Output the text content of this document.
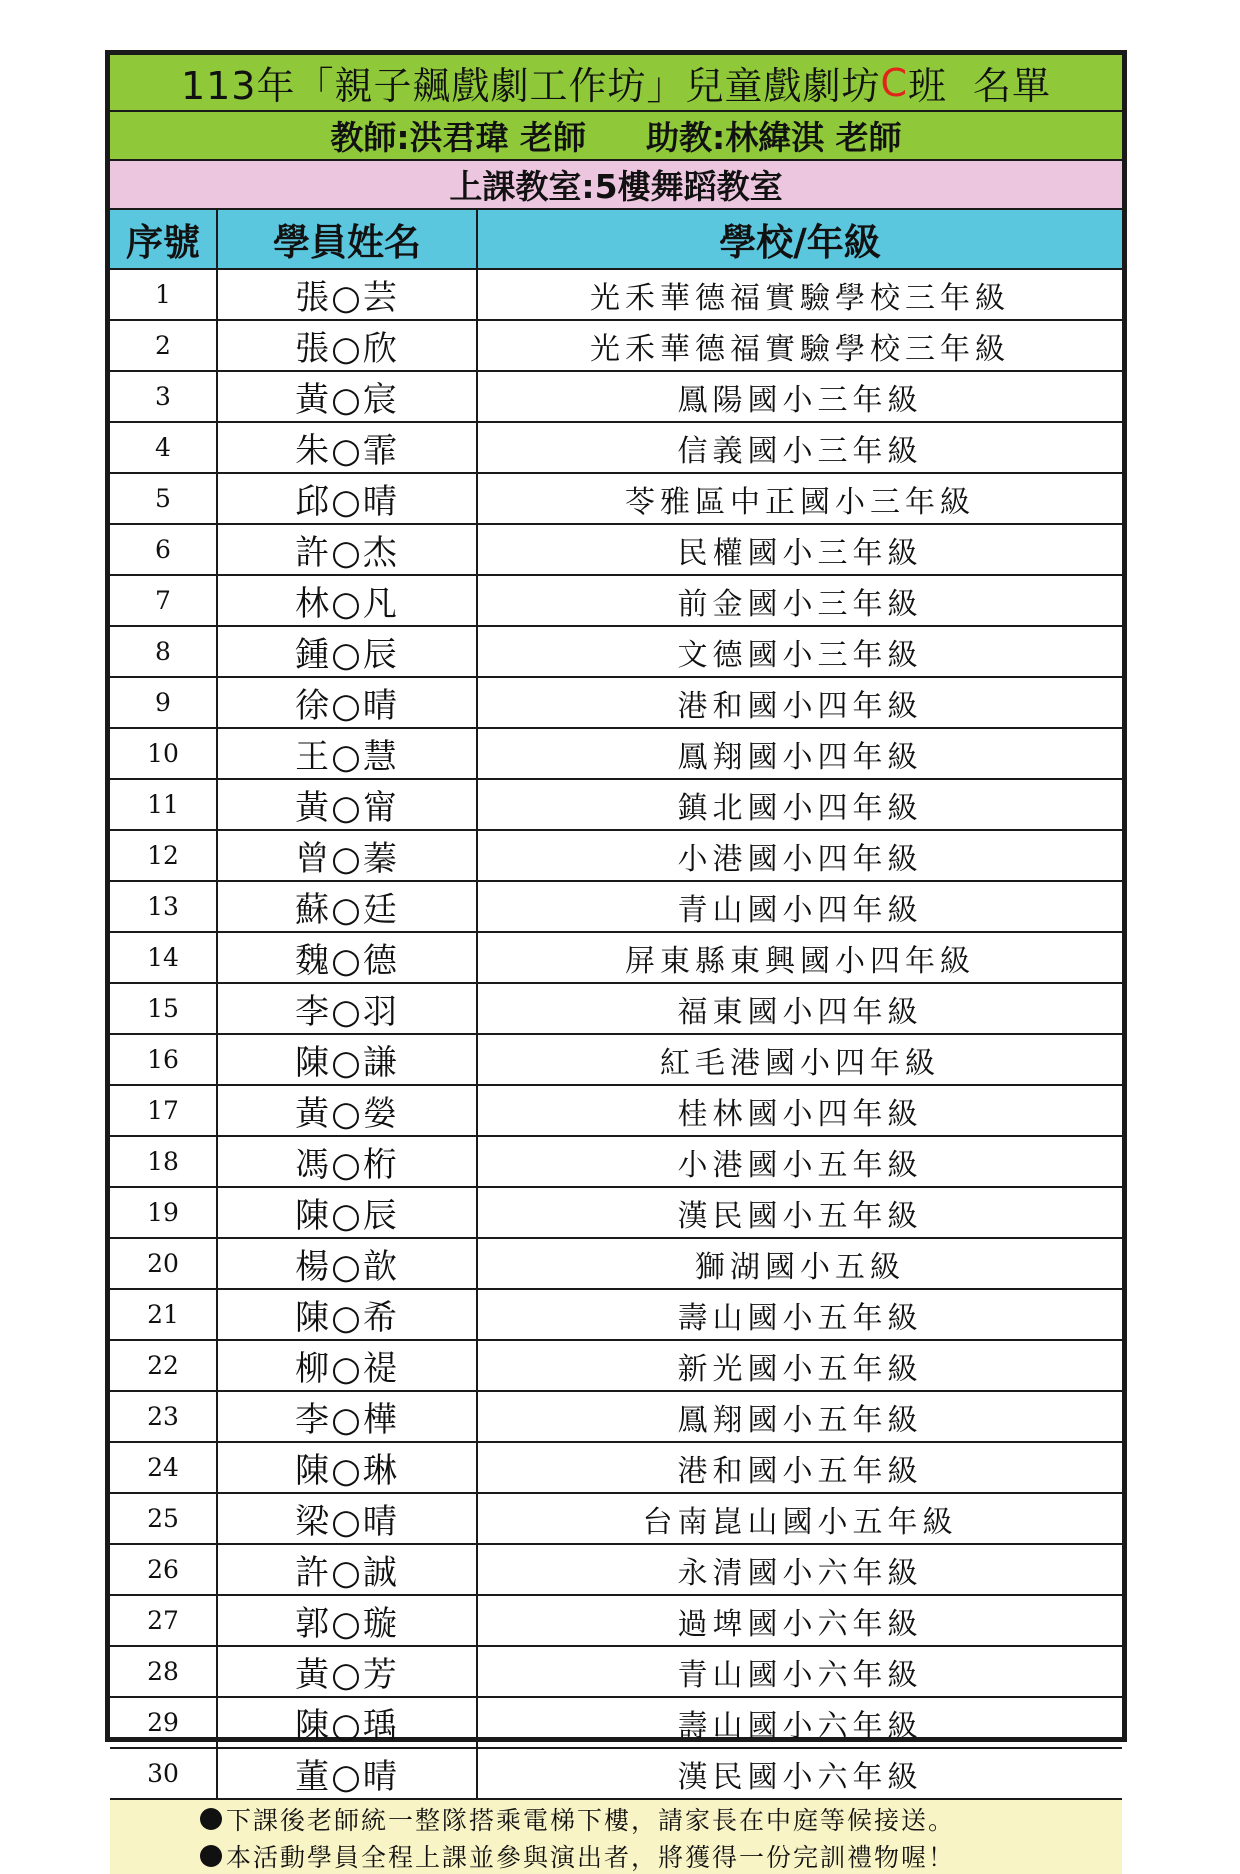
113年「親子飆戲劇工作坊」兒童戲劇坊 C 班 名單
教師:洪君瑋 老師 助教:林緯淇 老師
上課教室:5樓舞蹈教室
序號	學員姓名	學校/年級
1	張○芸	光禾華德福實驗學校三年級
2	張○欣	光禾華德福實驗學校三年級
3	黃○宸	鳳陽國小三年級
4	朱○霏	信義國小三年級
5	邱○晴	苓雅區中正國小三年級
6	許○杰	民權國小三年級
7	林○凡	前金國小三年級
8	鍾○辰	文德國小三年級
9	徐○晴	港和國小四年級
10	王○慧	鳳翔國小四年級
11	黃○甯	鎮北國小四年級
12	曾○蓁	小港國小四年級
13	蘇○廷	青山國小四年級
14	魏○德	屏東縣東興國小四年級
15	李○羽	福東國小四年級
16	陳○謙	紅毛港國小四年級
17	黃○嫈	桂林國小四年級
18	馮○桁	小港國小五年級
19	陳○辰	漢民國小五年級
20	楊○歆	獅湖國小五級
21	陳○希	壽山國小五年級
22	柳○禔	新光國小五年級
23	李○樺	鳳翔國小五年級
24	陳○琳	港和國小五年級
25	梁○晴	台南崑山國小五年級
26	許○誠	永清國小六年級
27	郭○璇	過埤國小六年級
28	黃○芳	青山國小六年級
29	陳○瑀	壽山國小六年級
30	董○晴	漢民國小六年級
下課後老師統一整隊搭乘電梯下樓，請家長在中庭等候接送。
本活動學員全程上課並參與演出者，將獲得一份完訓禮物喔！
